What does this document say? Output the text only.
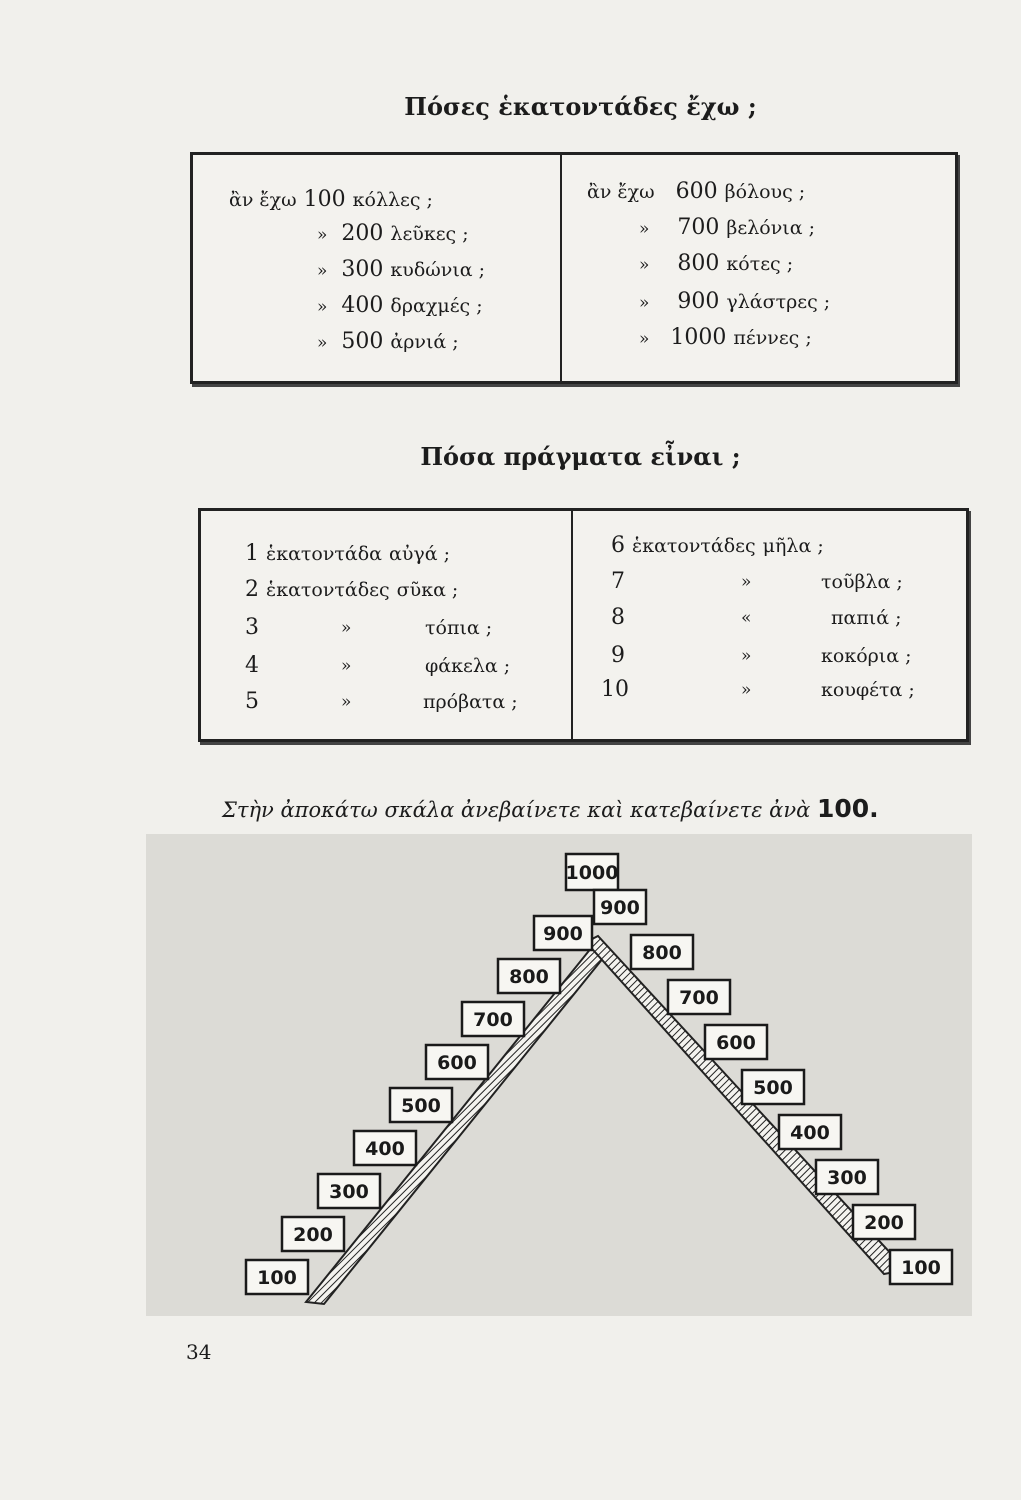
Πόσες ἑκατοντάδες ἔχω ;
ἂν ἔχω 100 κόλλες ;
» 200 λεῦκες ;
» 300 κυδώνια ;
» 400 δραχμές ;
» 500 ἀρνιά ;
ἂν ἔχω 600 βόλους ;
» 700 βελόνια ;
» 800 κότες ;
» 900 γλάστρες ;
» 1000 πέννες ;
Πόσα πράγματα εἶναι ;
1 ἑκατοντάδα αὐγά ;
2 ἑκατοντάδες σῦκα ;
3	»	τόπια ;
4	»	φάκελα ;
5	»	πρόβατα ;
6 ἑκατοντάδες μῆλα ;
7	»	τοῦβλα ;
8	«	παπιά ;
9	»	κοκόρια ;
10	»	κουφέτα ;
Στὴν ἀποκάτω σκάλα ἀνεβαίνετε καὶ κατεβαίνετε ἀνὰ 100.
100
200
300
400
500
600
700
800
900
1000
900
800
700
600
500
400
300
200
100
34
